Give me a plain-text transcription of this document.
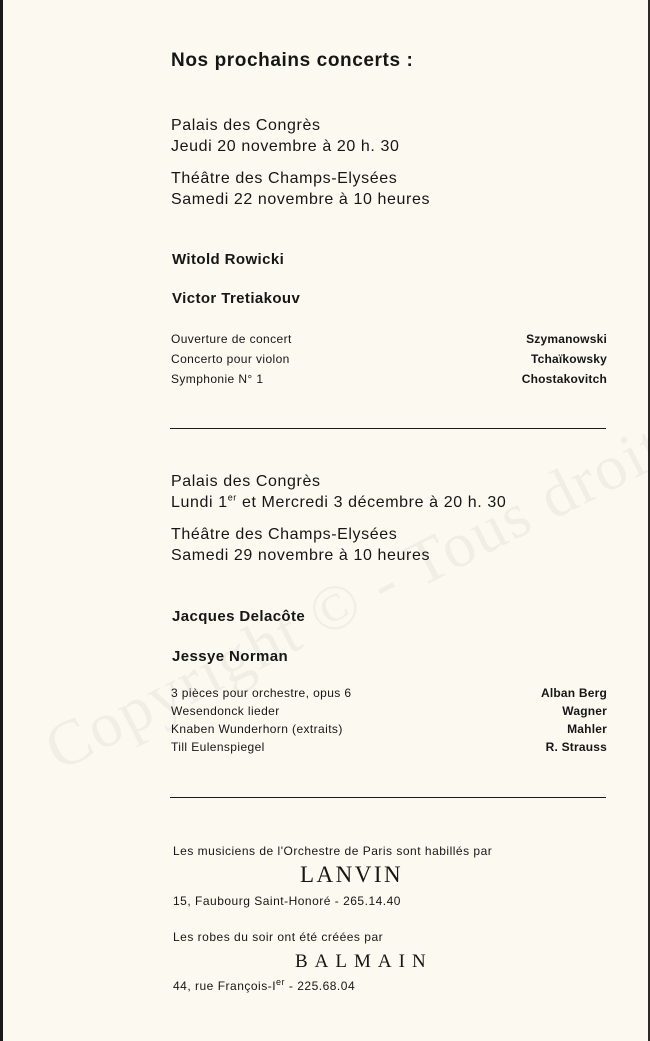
Nos prochains concerts :
Palais des Congrès
Jeudi 20 novembre à 20 h. 30
Théâtre des Champs-Elysées
Samedi 22 novembre à 10 heures
Witold Rowicki
Victor Tretiakouv
Ouverture de concert	Szymanowski
Concerto pour violon	Tchaïkowsky
Symphonie N° 1	Chostakovitch
Palais des Congrès
Lundi 1er et Mercredi 3 décembre à 20 h. 30
Théâtre des Champs-Elysées
Samedi 29 novembre à 10 heures
Jacques Delacôte
Jessye Norman
3 pièces pour orchestre, opus 6	Alban Berg
Wesendonck lieder	Wagner
Knaben Wunderhorn (extraits)	Mahler
Till Eulenspiegel	R. Strauss
Les musiciens de l'Orchestre de Paris sont habillés par
LANVIN
15, Faubourg Saint-Honoré - 265.14.40
Les robes du soir ont été créées par
BALMAIN
44, rue François-Ier - 225.68.04
